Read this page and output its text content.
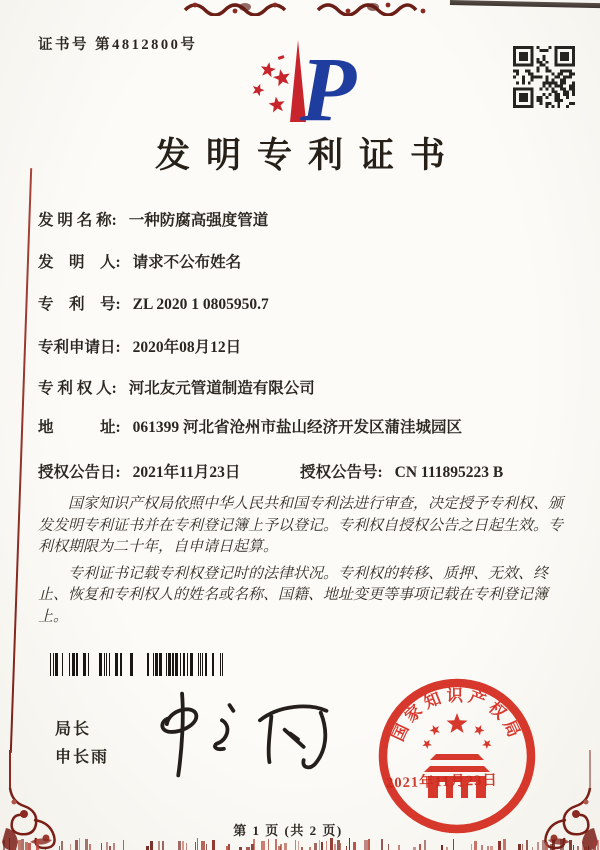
证书号 第4812800号 P
发明专利证书
发 明 名 称: 一种防腐高强度管道
发　明　人: 请求不公布姓名
专　利　号: ZL 2020 1 0805950.7
专利申请日: 2020年08月12日
专 利 权 人: 河北友元管道制造有限公司
地　　　址: 061399 河北省沧州市盐山经济开发区蒲洼城园区
授权公告日: 2021年11月23日	授权公告号: CN 111895223 B

国家知识产权局依照中华人民共和国专利法进行审查，决定授予专利权、颁发发明专利证书并在专利登记簿上予以登记。专利权自授权公告之日起生效。专利权期限为二十年，自申请日起算。

专利证书记载专利权登记时的法律状况。专利权的转移、质押、无效、终止、恢复和专利权人的姓名或名称、国籍、地址变更等事项记载在专利登记簿上。

局长
申长雨
国家知识产权局
2021年11月23日
第 1 页 (共 2 页)
